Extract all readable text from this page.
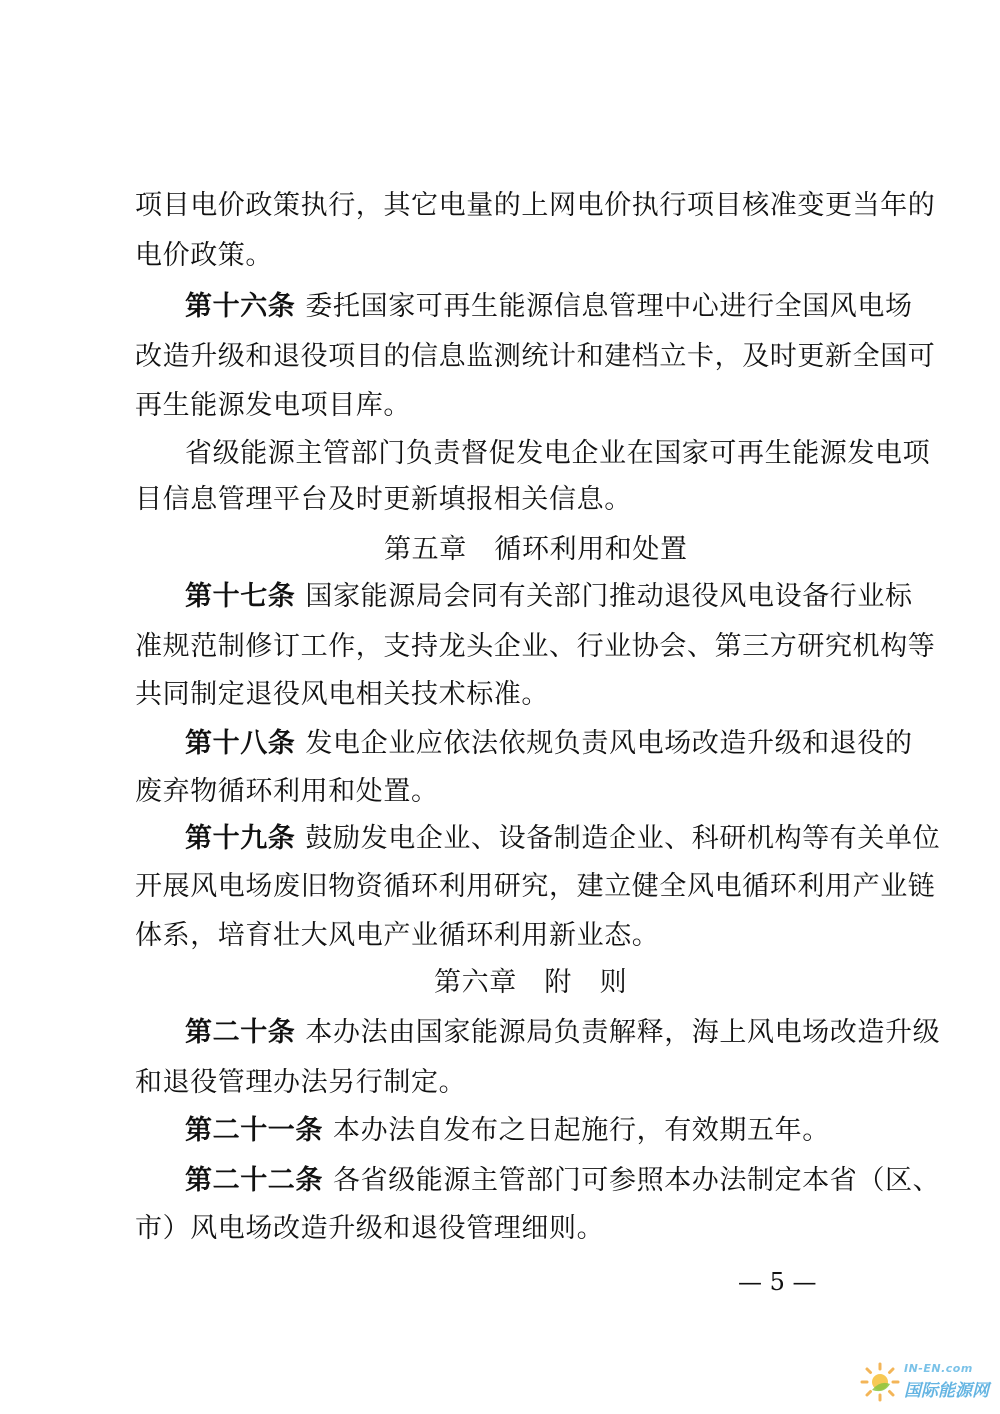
项目电价政策执行，其它电量的上网电价执行项目核准变更当年的
电价政策。
第十六条 委托国家可再生能源信息管理中心进行全国风电场
改造升级和退役项目的信息监测统计和建档立卡，及时更新全国可
再生能源发电项目库。
省级能源主管部门负责督促发电企业在国家可再生能源发电项
目信息管理平台及时更新填报相关信息。
第五章　循环利用和处置
第十七条 国家能源局会同有关部门推动退役风电设备行业标
准规范制修订工作，支持龙头企业、行业协会、第三方研究机构等
共同制定退役风电相关技术标准。
第十八条 发电企业应依法依规负责风电场改造升级和退役的
废弃物循环利用和处置。
第十九条 鼓励发电企业、设备制造企业、科研机构等有关单位
开展风电场废旧物资循环利用研究，建立健全风电循环利用产业链
体系，培育壮大风电产业循环利用新业态。
第六章　附　则
第二十条 本办法由国家能源局负责解释，海上风电场改造升级
和退役管理办法另行制定。
第二十一条 本办法自发布之日起施行，有效期五年。
第二十二条 各省级能源主管部门可参照本办法制定本省（区、
市）风电场改造升级和退役管理细则。
— 5 —
IN-EN.com
国际能源网
